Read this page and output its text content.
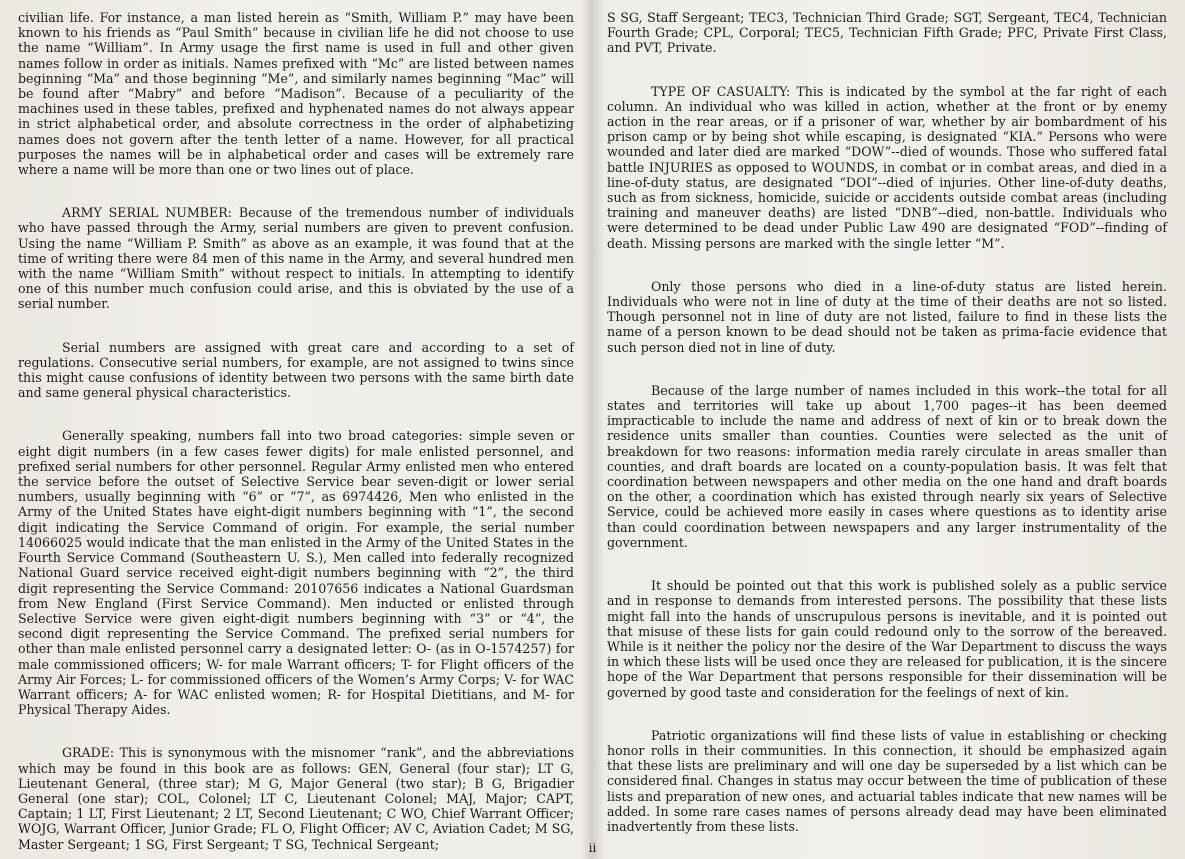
civilian life. For instance, a man listed herein as “Smith, William P.” may have been known to his friends as “Paul Smith” because in civilian life he did not choose to use the name “William”. In Army usage the first name is used in full and other given names follow in order as initials. Names prefixed with “Mc” are listed between names beginning “Ma” and those beginning “Me”, and similarly names beginning “Mac” will be found after “Mabry” and before “Madison”. Because of a peculiarity of the machines used in these tables, prefixed and hyphenated names do not always appear in strict alphabetical order, and absolute correctness in the order of alphabetizing names does not govern after the tenth letter of a name. However, for all practical purposes the names will be in alphabetical order and cases will be extremely rare where a name will be more than one or two lines out of place.

ARMY SERIAL NUMBER: Because of the tremendous number of individuals who have passed through the Army, serial numbers are given to prevent confusion. Using the name “William P. Smith” as above as an example, it was found that at the time of writing there were 84 men of this name in the Army, and several hundred men with the name “William Smith” without respect to initials. In attempting to identify one of this number much confusion could arise, and this is obviated by the use of a serial number.

Serial numbers are assigned with great care and according to a set of regulations. Consecutive serial numbers, for example, are not assigned to twins since this might cause confusions of identity between two persons with the same birth date and same general physical characteristics.

Generally speaking, numbers fall into two broad categories: simple seven or eight digit numbers (in a few cases fewer digits) for male enlisted personnel, and prefixed serial numbers for other personnel. Regular Army enlisted men who entered the service before the outset of Selective Service bear seven-digit or lower serial numbers, usually beginning with “6” or “7”, as 6974426, Men who enlisted in the Army of the United States have eight-digit numbers beginning with “1”, the second digit indicating the Service Command of origin. For example, the serial number 14066025 would indicate that the man enlisted in the Army of the United States in the Fourth Service Command (Southeastern U. S.), Men called into federally recognized National Guard service received eight-digit numbers beginning with “2”, the third digit representing the Service Command: 20107656 indicates a National Guardsman from New England (First Service Command). Men inducted or enlisted through Selective Service were given eight-digit numbers beginning with “3” or “4”, the second digit representing the Service Command. The prefixed serial numbers for other than male enlisted personnel carry a designated letter: O- (as in O-1574257) for male commissioned officers; W- for male Warrant officers; T- for Flight officers of the Army Air Forces; L- for commissioned officers of the Women’s Army Corps; V- for WAC Warrant officers; A- for WAC enlisted women; R- for Hospital Dietitians, and M- for Physical Therapy Aides.

GRADE: This is synonymous with the misnomer “rank”, and the abbreviations which may be found in this book are as follows: GEN, General (four star); LT G, Lieutenant General, (three star); M G, Major General (two star); B G, Brigadier General (one star); COL, Colonel; LT C, Lieutenant Colonel; MAJ, Major; CAPT, Captain; 1 LT, First Lieutenant; 2 LT, Second Lieutenant; C WO, Chief Warrant Officer; WOJG, Warrant Officer, Junior Grade; FL O, Flight Officer; AV C, Aviation Cadet; M SG, Master Sergeant; 1 SG, First Sergeant; T SG, Technical Sergeant;

S SG, Staff Sergeant; TEC3, Technician Third Grade; SGT, Sergeant, TEC4, Technician Fourth Grade; CPL, Corporal; TEC5, Technician Fifth Grade; PFC, Private First Class, and PVT, Private.

TYPE OF CASUALTY: This is indicated by the symbol at the far right of each column. An individual who was killed in action, whether at the front or by enemy action in the rear areas, or if a prisoner of war, whether by air bombardment of his prison camp or by being shot while escaping, is designated “KIA.” Persons who were wounded and later died are marked “DOW”--died of wounds. Those who suffered fatal battle INJURIES as opposed to WOUNDS, in combat or in combat areas, and died in a line-of-duty status, are designated “DOI”--died of injuries. Other line-of-duty deaths, such as from sickness, homicide, suicide or accidents outside combat areas (including training and maneuver deaths) are listed “DNB”--died, non-battle. Individuals who were determined to be dead under Public Law 490 are designated “FOD”--finding of death. Missing persons are marked with the single letter “M”.

Only those persons who died in a line-of-duty status are listed herein. Individuals who were not in line of duty at the time of their deaths are not so listed. Though personnel not in line of duty are not listed, failure to find in these lists the name of a person known to be dead should not be taken as prima-facie evidence that such person died not in line of duty.

Because of the large number of names included in this work--the total for all states and territories will take up about 1,700 pages--it has been deemed impracticable to include the name and address of next of kin or to break down the residence units smaller than counties. Counties were selected as the unit of breakdown for two reasons: information media rarely circulate in areas smaller than counties, and draft boards are located on a county-population basis. It was felt that coordination between newspapers and other media on the one hand and draft boards on the other, a coordination which has existed through nearly six years of Selective Service, could be achieved more easily in cases where questions as to identity arise than could coordination between newspapers and any larger instrumentality of the government.

It should be pointed out that this work is published solely as a public service and in response to demands from interested persons. The possibility that these lists might fall into the hands of unscrupulous persons is inevitable, and it is pointed out that misuse of these lists for gain could redound only to the sorrow of the bereaved. While is it neither the policy nor the desire of the War Department to discuss the ways in which these lists will be used once they are released for publication, it is the sincere hope of the War Department that persons responsible for their dissemination will be governed by good taste and consideration for the feelings of next of kin.

Patriotic organizations will find these lists of value in establishing or checking honor rolls in their communities. In this connection, it should be emphasized again that these lists are preliminary and will one day be superseded by a list which can be considered final. Changes in status may occur between the time of publication of these lists and preparation of new ones, and actuarial tables indicate that new names will be added. In some rare cases names of persons already dead may have been eliminated inadvertently from these lists.

ii
